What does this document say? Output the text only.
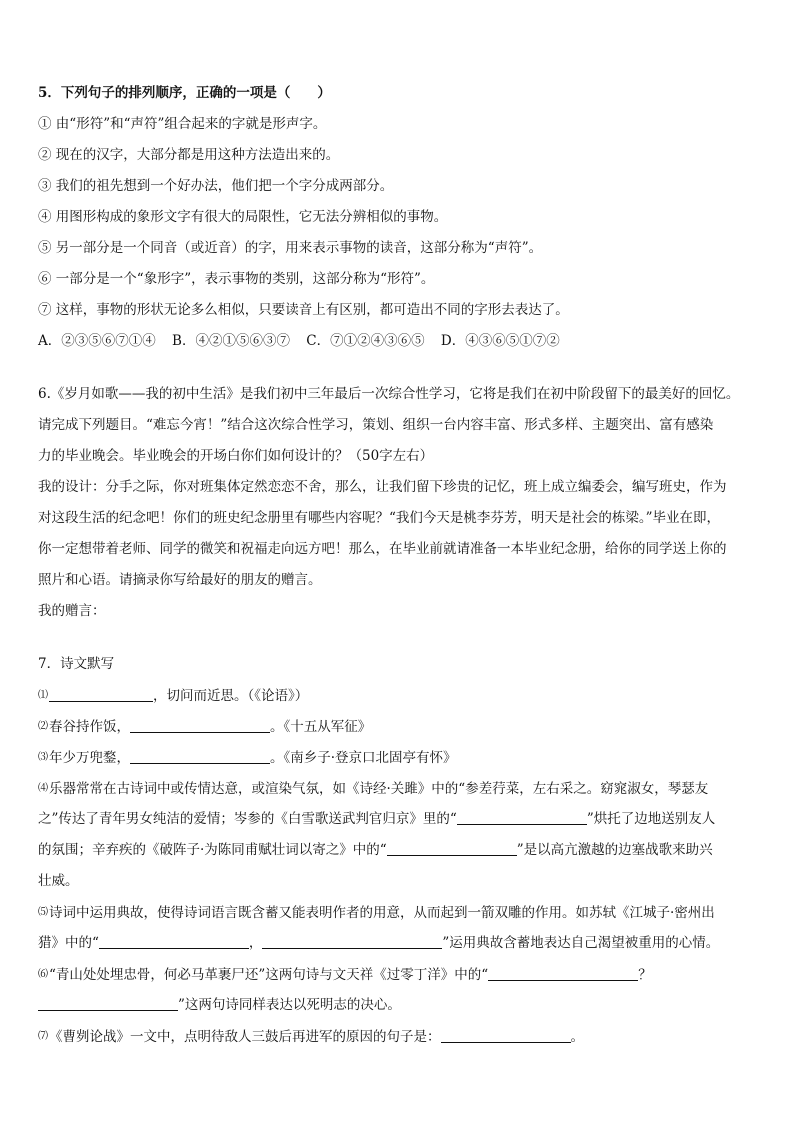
5．下列句子的排列顺序，正确的一项是（　　）
① 由“形符”和“声符”组合起来的字就是形声字。
② 现在的汉字，大部分都是用这种方法造出来的。
③ 我们的祖先想到一个好办法，他们把一个字分成两部分。
④ 用图形构成的象形文字有很大的局限性，它无法分辨相似的事物。
⑤ 另一部分是一个同音（或近音）的字，用来表示事物的读音，这部分称为“声符”。
⑥ 一部分是一个“象形字”，表示事物的类别，这部分称为“形符”。
⑦ 这样，事物的形状无论多么相似，只要读音上有区别，都可造出不同的字形去表达了。
A．②③⑤⑥⑦①④ B．④②①⑤⑥③⑦ C．⑦①②④③⑥⑤ D．④③⑥⑤①⑦②
6.《岁月如歌——我的初中生活》是我们初中三年最后一次综合性学习，它将是我们在初中阶段留下的最美好的回忆。
请完成下列题目。“难忘今宵！”结合这次综合性学习，策划、组织一台内容丰富、形式多样、主题突出、富有感染
力的毕业晚会。毕业晚会的开场白你们如何设计的？（50字左右）
我的设计：分手之际，你对班集体定然恋恋不舍，那么，让我们留下珍贵的记忆，班上成立编委会，编写班史，作为
对这段生活的纪念吧！你们的班史纪念册里有哪些内容呢？“我们今天是桃李芬芳，明天是社会的栋梁。”毕业在即，
你一定想带着老师、同学的微笑和祝福走向远方吧！那么，在毕业前就请准备一本毕业纪念册，给你的同学送上你的
照片和心语。请摘录你写给最好的朋友的赠言。
我的赠言：
7．诗文默写
⑴	，切问而近思。（《论语》）
⑵春谷持作饭，	。《十五从军征》
⑶年少万兜鍪，	。《南乡子·登京口北固亭有怀》
⑷乐器常常在古诗词中或传情达意，或渲染气氛，如《诗经·关雎》中的“参差荇菜，左右采之。窈窕淑女，琴瑟友
之”传达了青年男女纯洁的爱情；岑参的《白雪歌送武判官归京》里的“	”烘托了边地送别友人
的氛围；辛弃疾的《破阵子·为陈同甫赋壮词以寄之》中的“	”是以高亢激越的边塞战歌来助兴
壮威。
⑸诗词中运用典故，使得诗词语言既含蓄又能表明作者的用意，从而起到一箭双雕的作用。如苏轼《江城子·密州出
猎》中的“	，	”运用典故含蓄地表达自己渴望被重用的心情。
⑹“青山处处埋忠骨，何必马革裹尸还”这两句诗与文天祥《过零丁洋》中的“	？
”这两句诗同样表达以死明志的决心。
⑺《曹刿论战》一文中，点明待敌人三鼓后再进军的原因的句子是：	。
